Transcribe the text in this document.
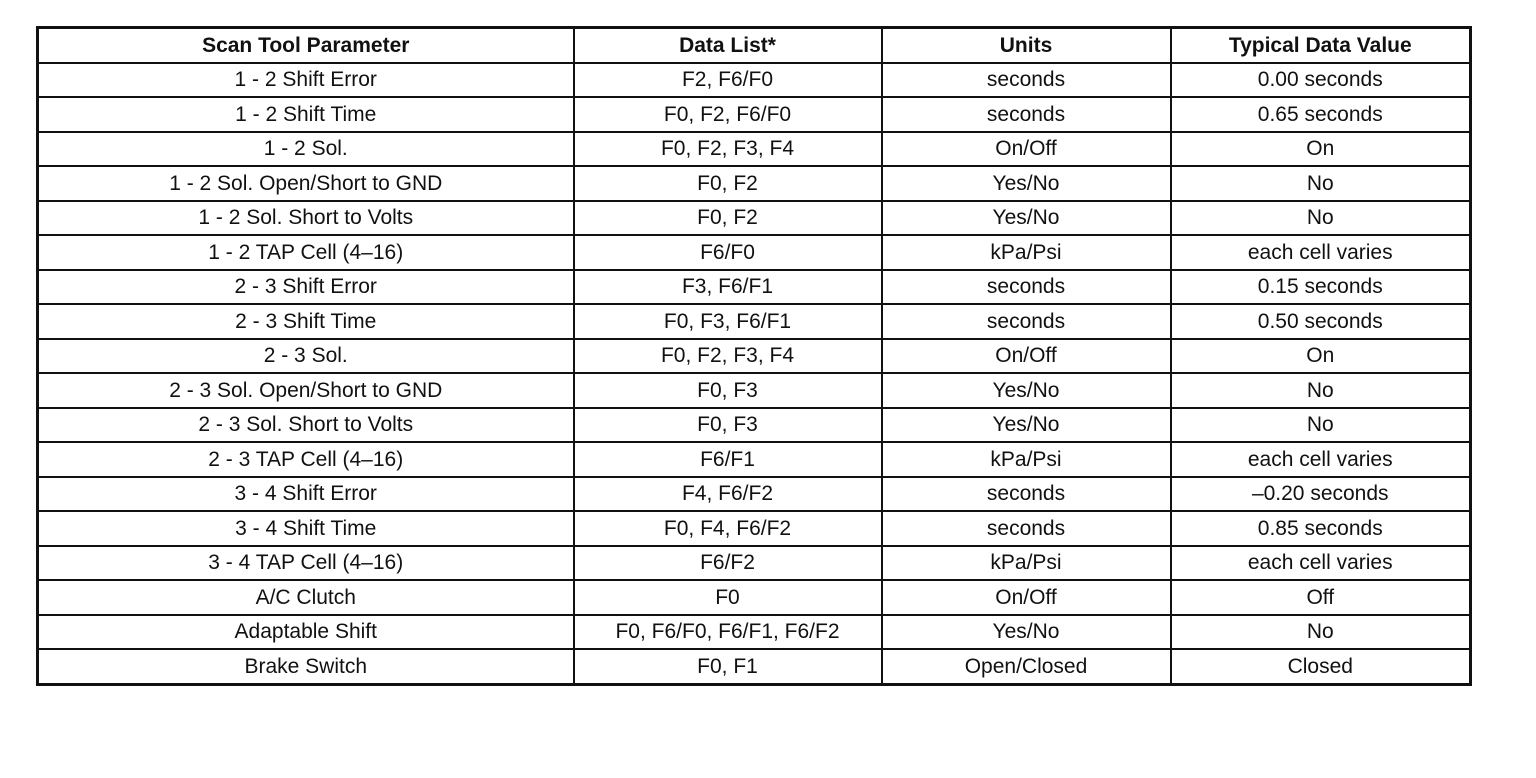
Scan Tool Parameter	Data List*	Units	Typical Data Value
1 - 2 Shift Error	F2, F6/F0	seconds	0.00 seconds
1 - 2 Shift Time	F0, F2, F6/F0	seconds	0.65 seconds
1 - 2 Sol.	F0, F2, F3, F4	On/Off	On
1 - 2 Sol. Open/Short to GND	F0, F2	Yes/No	No
1 - 2 Sol. Short to Volts	F0, F2	Yes/No	No
1 - 2 TAP Cell (4–16)	F6/F0	kPa/Psi	each cell varies
2 - 3 Shift Error	F3, F6/F1	seconds	0.15 seconds
2 - 3 Shift Time	F0, F3, F6/F1	seconds	0.50 seconds
2 - 3 Sol.	F0, F2, F3, F4	On/Off	On
2 - 3 Sol. Open/Short to GND	F0, F3	Yes/No	No
2 - 3 Sol. Short to Volts	F0, F3	Yes/No	No
2 - 3 TAP Cell (4–16)	F6/F1	kPa/Psi	each cell varies
3 - 4 Shift Error	F4, F6/F2	seconds	–0.20 seconds
3 - 4 Shift Time	F0, F4, F6/F2	seconds	0.85 seconds
3 - 4 TAP Cell (4–16)	F6/F2	kPa/Psi	each cell varies
A/C Clutch	F0	On/Off	Off
Adaptable Shift	F0, F6/F0, F6/F1, F6/F2	Yes/No	No
Brake Switch	F0, F1	Open/Closed	Closed
